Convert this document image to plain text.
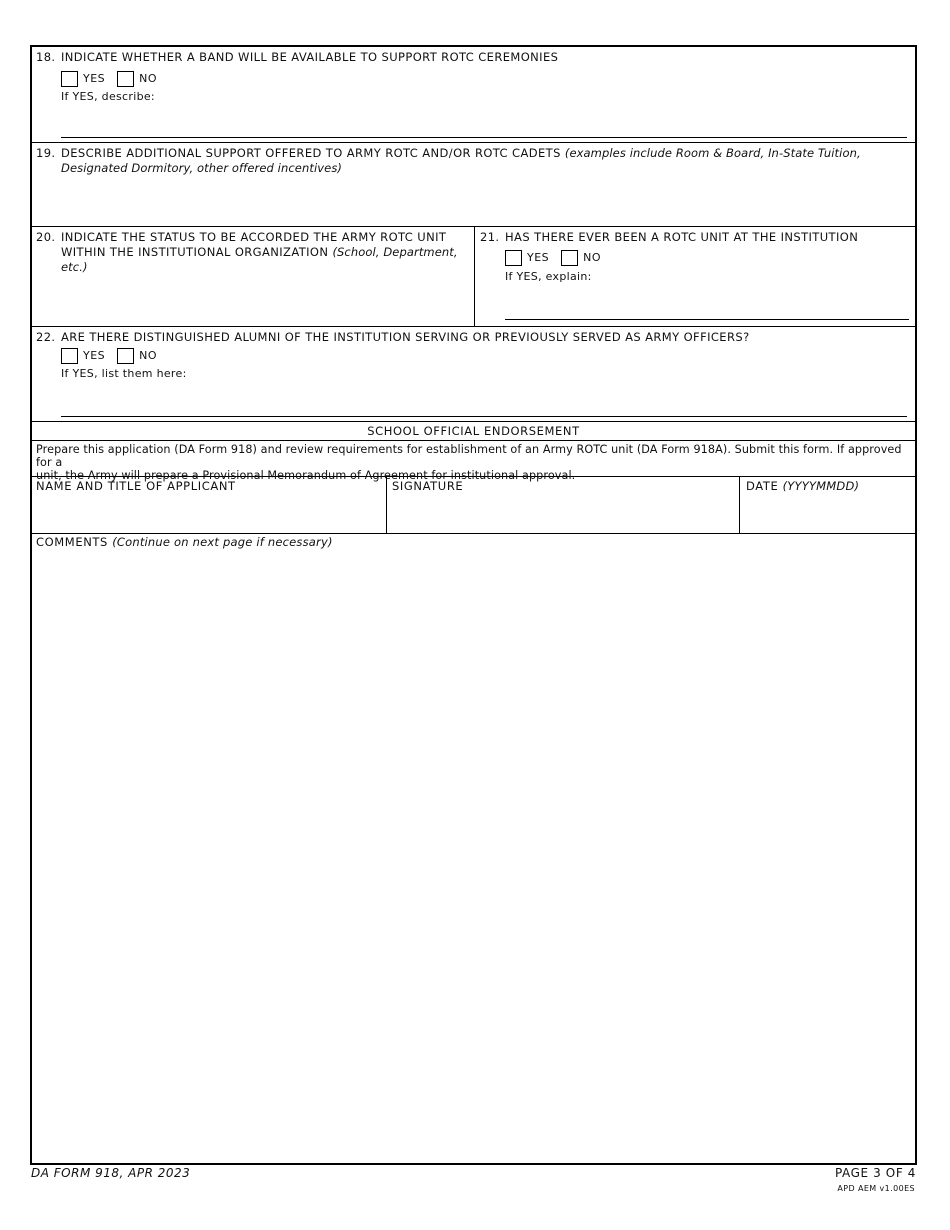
18. INDICATE WHETHER A BAND WILL BE AVAILABLE TO SUPPORT ROTC CEREMONIES
YES	NO
If YES, describe:
19. DESCRIBE ADDITIONAL SUPPORT OFFERED TO ARMY ROTC AND/OR ROTC CADETS (examples include Room & Board, In-State Tuition,
Designated Dormitory, other offered incentives)
20. INDICATE THE STATUS TO BE ACCORDED THE ARMY ROTC UNIT
WITHIN THE INSTITUTIONAL ORGANIZATION (School, Department, etc.)
21. HAS THERE EVER BEEN A ROTC UNIT AT THE INSTITUTION
YES	NO
If YES, explain:
22. ARE THERE DISTINGUISHED ALUMNI OF THE INSTITUTION SERVING OR PREVIOUSLY SERVED AS ARMY OFFICERS?
YES	NO
If YES, list them here:
SCHOOL OFFICIAL ENDORSEMENT
Prepare this application (DA Form 918) and review requirements for establishment of an Army ROTC unit (DA Form 918A). Submit this form. If approved for a
unit, the Army will prepare a Provisional Memorandum of Agreement for institutional approval.
NAME AND TITLE OF APPLICANT	SIGNATURE	DATE (YYYYMMDD)
COMMENTS (Continue on next page if necessary)
DA FORM 918, APR 2023	PAGE 3 OF 4
APD AEM v1.00ES
